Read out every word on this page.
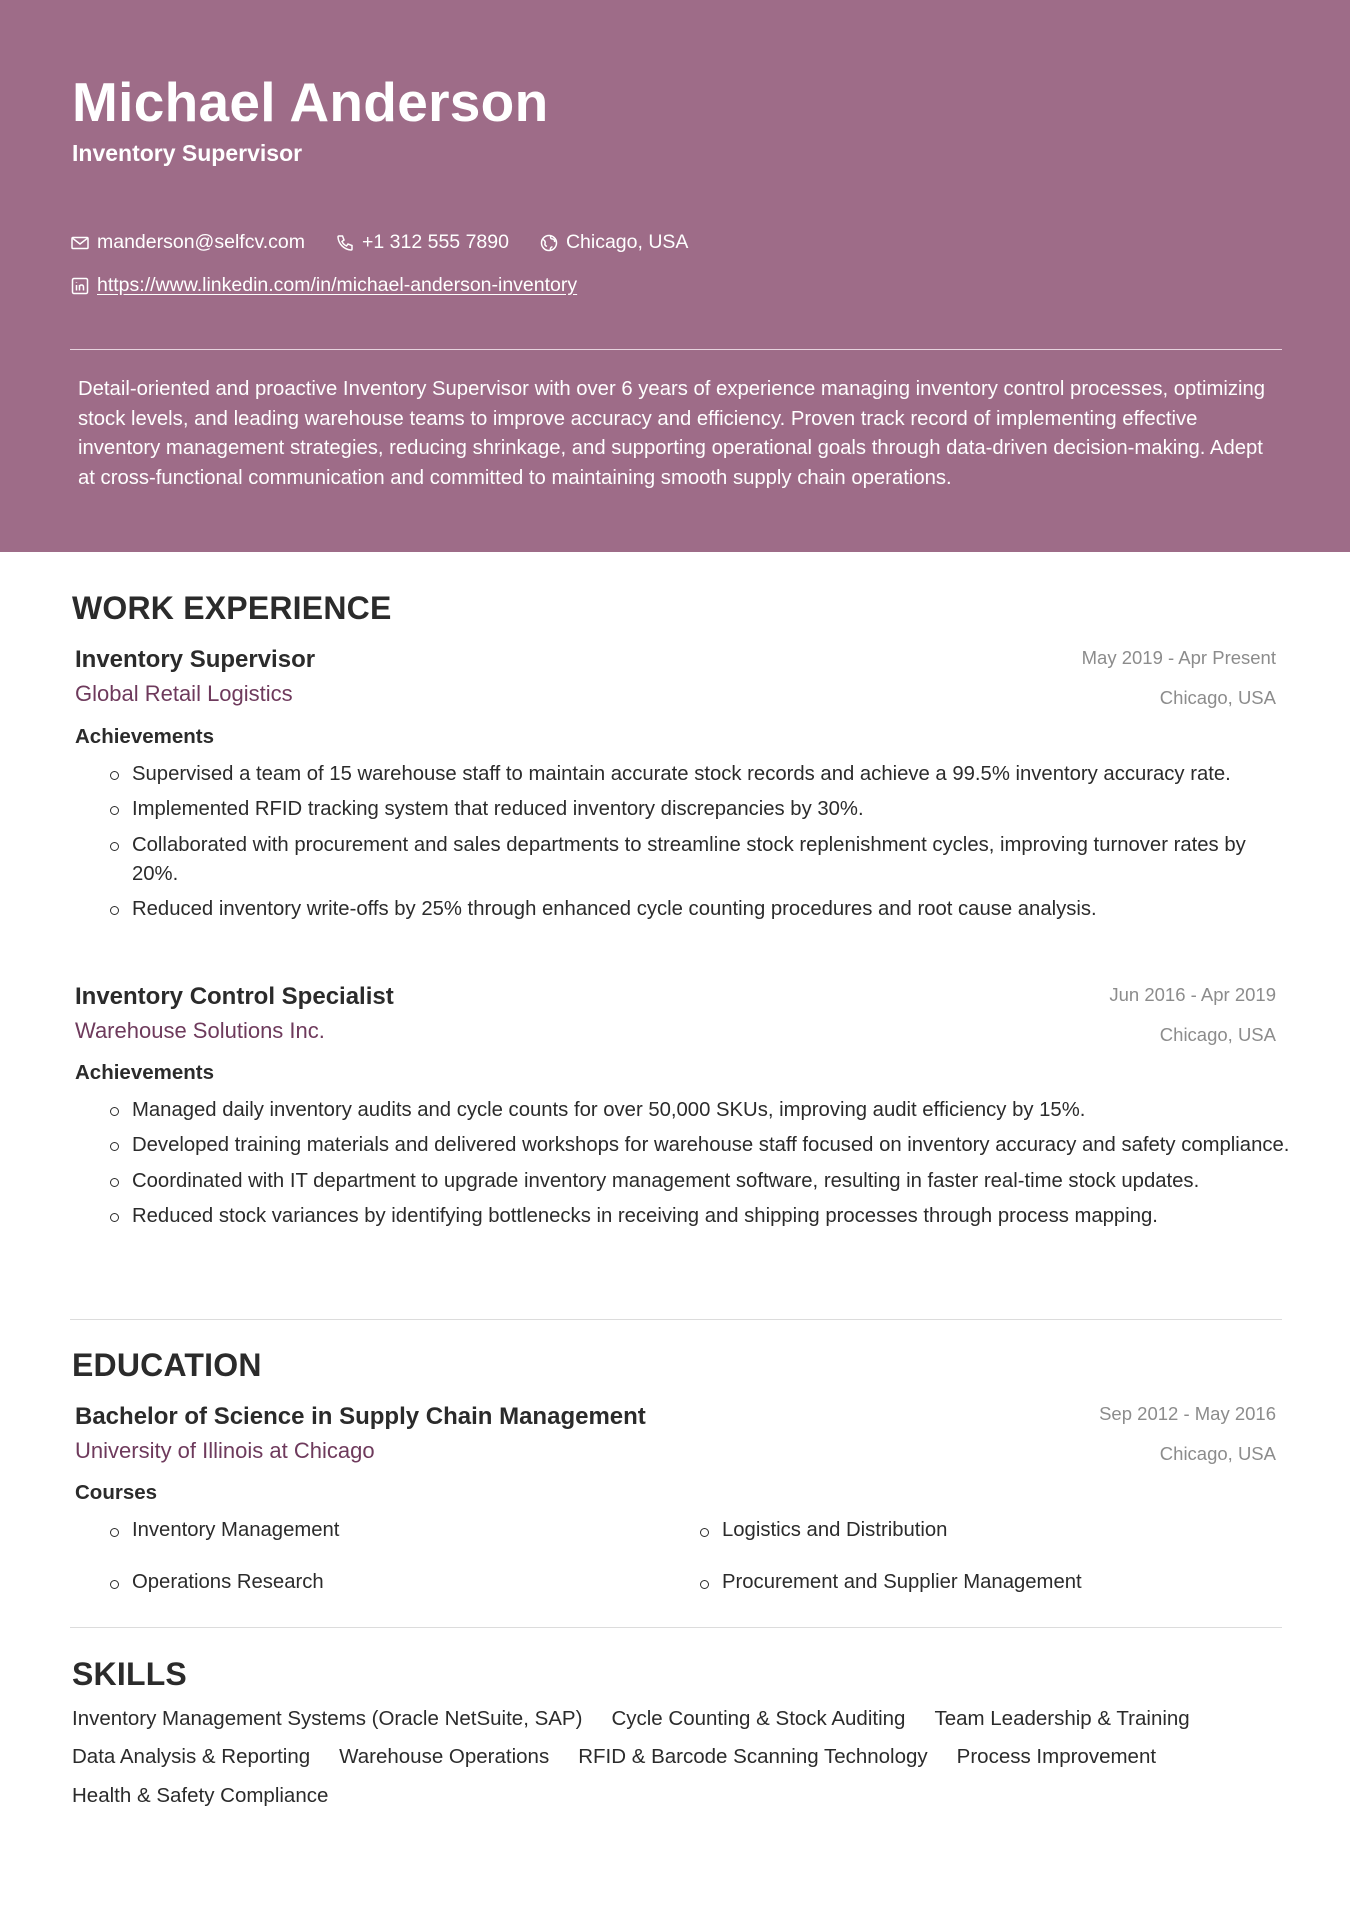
Michael Anderson
Inventory Supervisor
manderson@selfcv.com	+1 312 555 7890	Chicago, USA
https://www.linkedin.com/in/michael-anderson-inventory
Detail-oriented and proactive Inventory Supervisor with over 6 years of experience managing inventory control processes, optimizing stock levels, and leading warehouse teams to improve accuracy and efficiency. Proven track record of implementing effective inventory management strategies, reducing shrinkage, and supporting operational goals through data-driven decision-making. Adept at cross-functional communication and committed to maintaining smooth supply chain operations.
WORK EXPERIENCE
Inventory Supervisor
Global Retail Logistics
May 2019 - Apr Present
Chicago, USA
Achievements
Supervised a team of 15 warehouse staff to maintain accurate stock records and achieve a 99.5% inventory accuracy rate.
Implemented RFID tracking system that reduced inventory discrepancies by 30%.
Collaborated with procurement and sales departments to streamline stock replenishment cycles, improving turnover rates by 20%.
Reduced inventory write-offs by 25% through enhanced cycle counting procedures and root cause analysis.
Inventory Control Specialist
Warehouse Solutions Inc.
Jun 2016 - Apr 2019
Chicago, USA
Achievements
Managed daily inventory audits and cycle counts for over 50,000 SKUs, improving audit efficiency by 15%.
Developed training materials and delivered workshops for warehouse staff focused on inventory accuracy and safety compliance.
Coordinated with IT department to upgrade inventory management software, resulting in faster real-time stock updates.
Reduced stock variances by identifying bottlenecks in receiving and shipping processes through process mapping.
EDUCATION
Bachelor of Science in Supply Chain Management
University of Illinois at Chicago
Sep 2012 - May 2016
Chicago, USA
Courses
Inventory Management	Logistics and Distribution
Operations Research	Procurement and Supplier Management
SKILLS
Inventory Management Systems (Oracle NetSuite, SAP) Cycle Counting & Stock Auditing Team Leadership & Training
Data Analysis & Reporting Warehouse Operations RFID & Barcode Scanning Technology Process Improvement
Health & Safety Compliance
